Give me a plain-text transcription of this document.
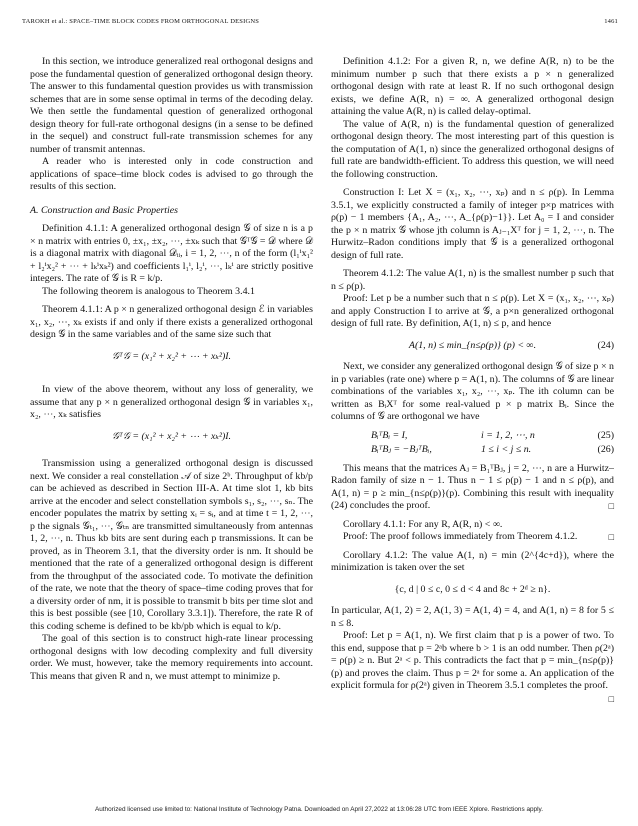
TAROKH et al.: SPACE–TIME BLOCK CODES FROM ORTHOGONAL DESIGNS	1461

In this section, we introduce generalized real orthogonal designs and pose the fundamental question of generalized orthogonal design theory. The answer to this fundamental question provides us with transmission schemes that are in some sense optimal in terms of the decoding delay. We then settle the fundamental question of generalized orthogonal design theory for full-rate orthogonal designs (in a sense to be defined in the sequel) and construct full-rate transmission schemes for any number of transmit antennas.

A reader who is interested only in code construction and applications of space–time block codes is advised to go through the results of this section.

A. Construction and Basic Properties

Definition 4.1.1: A generalized orthogonal design 𝒢 of size n is a p × n matrix with entries 0, ±x₁, ±x₂, ⋯, ±xₖ such that 𝒢ᵀ𝒢 = 𝒟 where 𝒟 is a diagonal matrix with diagonal 𝒟ᵢᵢ, i = 1, 2, ⋯, n of the form (l₁ⁱx₁² + l₂ⁱx₂² + ⋯ + lₖⁱxₖ²) and coefficients l₁ⁱ, l₂ⁱ, ⋯, lₖⁱ are strictly positive integers. The rate of 𝒢 is R = k/p.

The following theorem is analogous to Theorem 3.4.1

Theorem 4.1.1: A p × n generalized orthogonal design ℰ in variables x₁, x₂, ⋯, xₖ exists if and only if there exists a generalized orthogonal design 𝒢 in the same variables and of the same size such that

𝒢ᵀ𝒢 = (x₁² + x₂² + ⋯ + xₖ²)I.

In view of the above theorem, without any loss of generality, we assume that any p × n generalized orthogonal design 𝒢 in variables x₁, x₂, ⋯, xₖ satisfies

𝒢ᵀ𝒢 = (x₁² + x₂² + ⋯ + xₖ²)I.

Transmission using a generalized orthogonal design is discussed next. We consider a real constellation 𝒜 of size 2ᵇ. Throughput of kb/p can be achieved as described in Section III-A. At time slot 1, kb bits arrive at the encoder and select constellation symbols s₁, s₂, ⋯, sₙ. The encoder populates the matrix by setting xᵢ = sᵢ, and at time t = 1, 2, ⋯, p the signals 𝒢ₜ₁, ⋯, 𝒢ₜₙ are transmitted simultaneously from antennas 1, 2, ⋯, n. Thus kb bits are sent during each p transmissions. It can be proved, as in Theorem 3.1, that the diversity order is nm. It should be mentioned that the rate of a generalized orthogonal design is different from the throughput of the associated code. To motivate the definition of the rate, we note that the theory of space–time coding proves that for a diversity order of nm, it is possible to transmit b bits per time slot and this is best possible (see [10, Corollary 3.3.1]). Therefore, the rate R of this coding scheme is defined to be kb/pb which is equal to k/p.

The goal of this section is to construct high-rate linear processing orthogonal designs with low decoding complexity and full diversity order. We must, however, take the memory requirements into account. This means that given R and n, we must attempt to minimize p.

Definition 4.1.2: For a given R, n, we define A(R, n) to be the minimum number p such that there exists a p × n generalized orthogonal design with rate at least R. If no such orthogonal design exists, we define A(R, n) = ∞. A generalized orthogonal design attaining the value A(R, n) is called delay-optimal.

The value of A(R, n) is the fundamental question of generalized orthogonal design theory. The most interesting part of this question is the computation of A(1, n) since the generalized orthogonal designs of full rate are bandwidth-efficient. To address this question, we will need the following construction.

Construction I: Let X = (x₁, x₂, ⋯, xₚ) and n ≤ ρ(p). In Lemma 3.5.1, we explicitly constructed a family of integer p×p matrices with ρ(p) − 1 members {A₁, A₂, ⋯, A_{ρ(p)−1}}. Let A₀ = I and consider the p × n matrix 𝒢 whose jth column is Aⱼ₋₁Xᵀ for j = 1, 2, ⋯, n. The Hurwitz–Radon conditions imply that 𝒢 is a generalized orthogonal design of full rate.

Theorem 4.1.2: The value A(1, n) is the smallest number p such that n ≤ ρ(p).

Proof: Let p be a number such that n ≤ ρ(p). Let X = (x₁, x₂, ⋯, xₚ) and apply Construction I to arrive at 𝒢, a p×n generalized orthogonal design of full rate. By definition, A(1, n) ≤ p, and hence

A(1, n) ≤ min_{n≤ρ(p)} (p) < ∞.	(24)

Next, we consider any generalized orthogonal design 𝒢 of size p × n in p variables (rate one) where p = A(1, n). The columns of 𝒢 are linear combinations of the variables x₁, x₂, ⋯, xₚ. The ith column can be written as BᵢXᵀ for some real-valued p × p matrix Bᵢ. Since the columns of 𝒢 are orthogonal we have

BᵢᵀBᵢ = I,	i = 1, 2, ⋯, n	(25)
BᵢᵀBⱼ = −BⱼᵀBᵢ,	1 ≤ i < j ≤ n.	(26)

This means that the matrices Aⱼ = B₁ᵀBⱼ, j = 2, ⋯, n are a Hurwitz–Radon family of size n − 1. Thus n − 1 ≤ ρ(p) − 1 and n ≤ ρ(p), and A(1, n) = p ≥ min_{n≤ρ(p)}(p). Combining this result with inequality (24) concludes the proof.	□

Corollary 4.1.1: For any R, A(R, n) < ∞.

Proof: The proof follows immediately from Theorem 4.1.2.	□

Corollary 4.1.2: The value A(1, n) = min (2^{4c+d}), where the minimization is taken over the set

{c, d | 0 ≤ c, 0 ≤ d < 4 and 8c + 2ᵈ ≥ n}.

In particular, A(1, 2) = 2, A(1, 3) = A(1, 4) = 4, and A(1, n) = 8 for 5 ≤ n ≤ 8.

Proof: Let p = A(1, n). We first claim that p is a power of two. To this end, suppose that p = 2ᵃb where b > 1 is an odd number. Then ρ(2ᵃ) = ρ(p) ≥ n. But 2ᵃ < p. This contradicts the fact that p = min_{n≤ρ(p)}(p) and proves the claim. Thus p = 2ᵃ for some a. An application of the explicit formula for ρ(2ᵃ) given in Theorem 3.5.1 completes the proof.
□

Authorized licensed use limited to: National Institute of Technology Patna. Downloaded on April 27,2022 at 13:06:28 UTC from IEEE Xplore. Restrictions apply.
